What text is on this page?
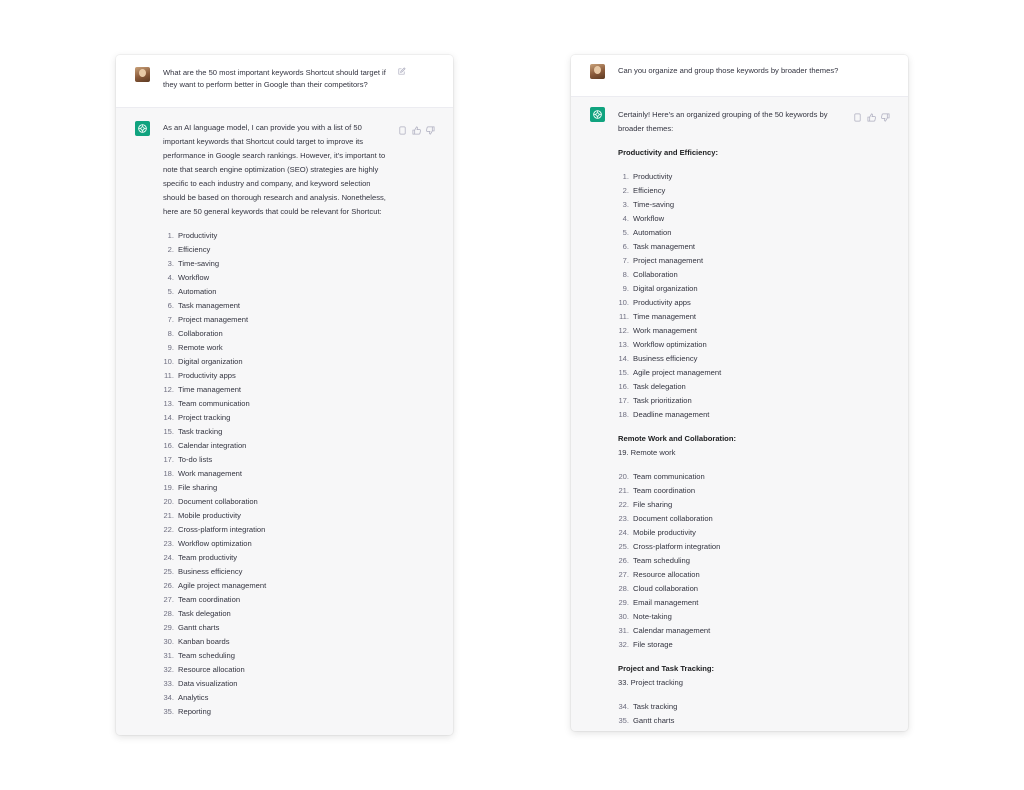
What are the 50 most important keywords Shortcut should target if they want to perform better in Google than their competitors?

As an AI language model, I can provide you with a list of 50 important keywords that Shortcut could target to improve its performance in Google search rankings. However, it's important to note that search engine optimization (SEO) strategies are highly specific to each industry and company, and keyword selection should be based on thorough research and analysis. Nonetheless, here are 50 general keywords that could be relevant for Shortcut:

1. Productivity
2. Efficiency
3. Time-saving
4. Workflow
5. Automation
6. Task management
7. Project management
8. Collaboration
9. Remote work
10. Digital organization
11. Productivity apps
12. Time management
13. Team communication
14. Project tracking
15. Task tracking
16. Calendar integration
17. To-do lists
18. Work management
19. File sharing
20. Document collaboration
21. Mobile productivity
22. Cross-platform integration
23. Workflow optimization
24. Team productivity
25. Business efficiency
26. Agile project management
27. Team coordination
28. Task delegation
29. Gantt charts
30. Kanban boards
31. Team scheduling
32. Resource allocation
33. Data visualization
34. Analytics
35. Reporting
Can you organize and group those keywords by broader themes?

Certainly! Here's an organized grouping of the 50 keywords by broader themes:

Productivity and Efficiency:

1. Productivity
2. Efficiency
3. Time-saving
4. Workflow
5. Automation
6. Task management
7. Project management
8. Collaboration
9. Digital organization
10. Productivity apps
11. Time management
12. Work management
13. Workflow optimization
14. Business efficiency
15. Agile project management
16. Task delegation
17. Task prioritization
18. Deadline management

Remote Work and Collaboration:

19. Remote work

20. Team communication
21. Team coordination
22. File sharing
23. Document collaboration
24. Mobile productivity
25. Cross-platform integration
26. Team scheduling
27. Resource allocation
28. Cloud collaboration
29. Email management
30. Note-taking
31. Calendar management
32. File storage

Project and Task Tracking:

33. Project tracking

34. Task tracking
35. Gantt charts
